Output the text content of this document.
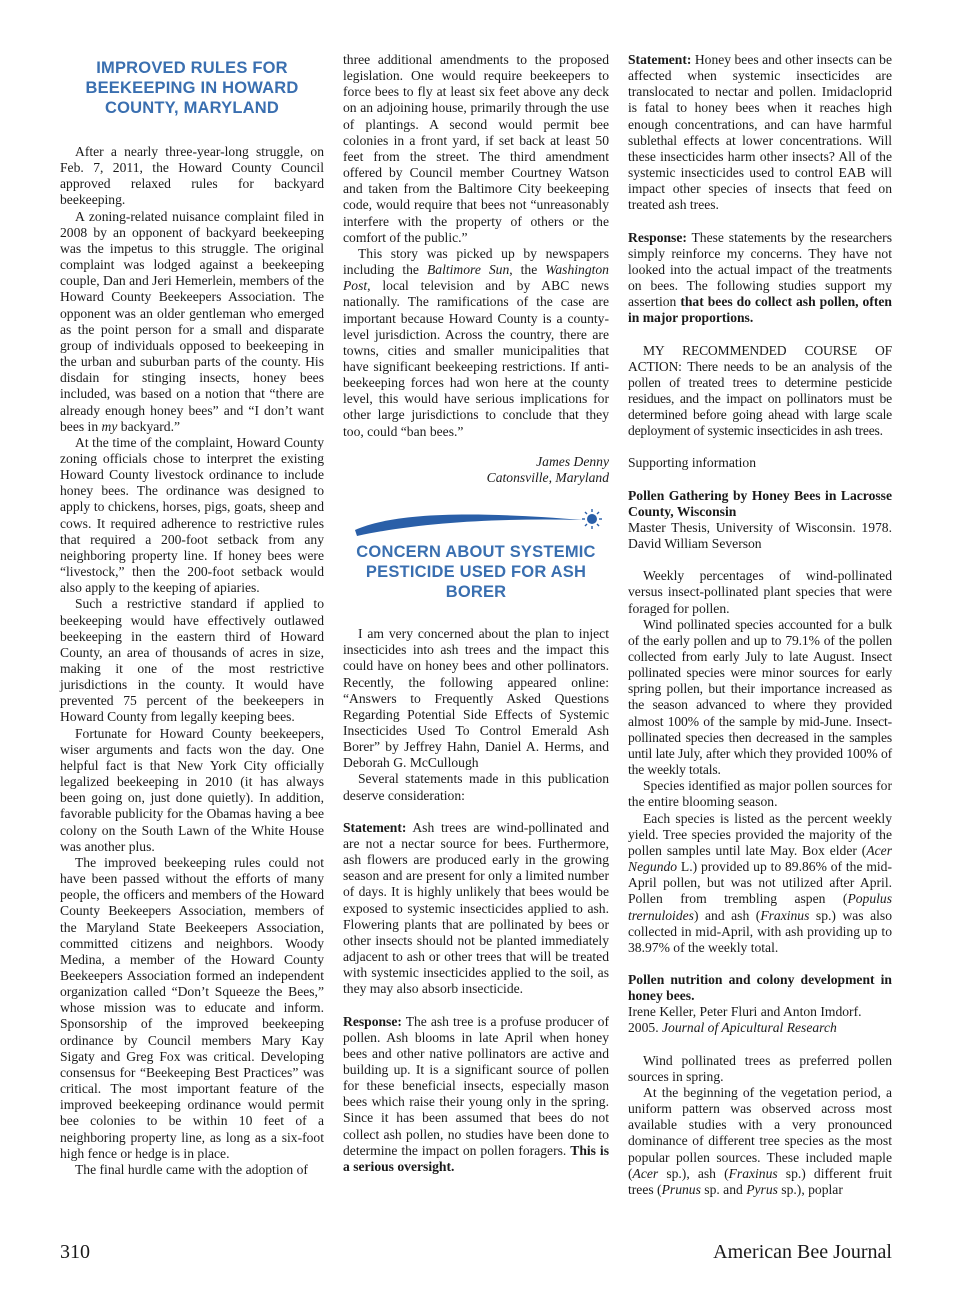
IMPROVED RULES FOR BEEKEEPING IN HOWARD COUNTY, MARYLAND

After a nearly three-year-long struggle, on Feb. 7, 2011, the Howard County Council approved relaxed rules for backyard beekeeping.

A zoning-related nuisance complaint filed in 2008 by an opponent of backyard beekeeping was the impetus to this struggle. The original complaint was lodged against a beekeeping couple, Dan and Jeri Hemerlein, members of the Howard County Beekeepers Association. The opponent was an older gentleman who emerged as the point person for a small and disparate group of individuals opposed to beekeeping in the urban and suburban parts of the county. His disdain for stinging insects, honey bees included, was based on a notion that “there are already enough honey bees” and “I don’t want bees in my backyard.”

At the time of the complaint, Howard County zoning officials chose to interpret the existing Howard County livestock ordinance to include honey bees. The ordinance was designed to apply to chickens, horses, pigs, goats, sheep and cows. It required adherence to restrictive rules that required a 200-foot setback from any neighboring property line. If honey bees were “livestock,” then the 200-foot setback would also apply to the keeping of apiaries.

Such a restrictive standard if applied to beekeeping would have effectively outlawed beekeeping in the eastern third of Howard County, an area of thousands of acres in size, making it one of the most restrictive jurisdictions in the county. It would have prevented 75 percent of the beekeepers in Howard County from legally keeping bees.

Fortunate for Howard County beekeepers, wiser arguments and facts won the day. One helpful fact is that New York City officially legalized beekeeping in 2010 (it has always been going on, just done quietly). In addition, favorable publicity for the Obamas having a bee colony on the South Lawn of the White House was another plus.

The improved beekeeping rules could not have been passed without the efforts of many people, the officers and members of the Howard County Beekeepers Association, members of the Maryland State Beekeepers Association, committed citizens and neighbors. Woody Medina, a member of the Howard County Beekeepers Association formed an independent organization called “Don’t Squeeze the Bees,” whose mission was to educate and inform. Sponsorship of the improved beekeeping ordinance by Council members Mary Kay Sigaty and Greg Fox was critical. Developing consensus for “Beekeeping Best Practices” was critical. The most important feature of the improved beekeeping ordinance would permit bee colonies to be within 10 feet of a neighboring property line, as long as a six-foot high fence or hedge is in place.

The final hurdle came with the adoption of

three additional amendments to the proposed legislation. One would require beekeepers to force bees to fly at least six feet above any deck on an adjoining house, primarily through the use of plantings. A second would permit bee colonies in a front yard, if set back at least 50 feet from the street. The third amendment offered by Council member Courtney Watson and taken from the Baltimore City beekeeping code, would require that bees not “unreasonably interfere with the property of others or the comfort of the public.”

This story was picked up by newspapers including the Baltimore Sun, the Washington Post, local television and by ABC news nationally. The ramifications of the case are important because Howard County is a county-level jurisdiction. Across the country, there are towns, cities and smaller municipalities that have significant beekeeping restrictions. If anti-beekeeping forces had won here at the county level, this would have serious implications for other large jurisdictions to conclude that they too, could “ban bees.”

James Denny
Catonsville, Maryland
CONCERN ABOUT SYSTEMIC PESTICIDE USED FOR ASH BORER

I am very concerned about the plan to inject insecticides into ash trees and the impact this could have on honey bees and other pollinators. Recently, the following appeared online: “Answers to Frequently Asked Questions Regarding Potential Side Effects of Systemic Insecticides Used To Control Emerald Ash Borer” by Jeffrey Hahn, Daniel A. Herms, and Deborah G. McCullough

Several statements made in this publication deserve consideration:

Statement: Ash trees are wind-pollinated and are not a nectar source for bees. Furthermore, ash flowers are produced early in the growing season and are present for only a limited number of days. It is highly unlikely that bees would be exposed to systemic insecticides applied to ash. Flowering plants that are pollinated by bees or other insects should not be planted immediately adjacent to ash or other trees that will be treated with systemic insecticides applied to the soil, as they may also absorb insecticide.

Response: The ash tree is a profuse producer of pollen. Ash blooms in late April when honey bees and other native pollinators are active and building up. It is a significant source of pollen for these beneficial insects, especially mason bees which raise their young only in the spring. Since it has been assumed that bees do not collect ash pollen, no studies have been done to determine the impact on pollen foragers. This is a serious oversight.

Statement: Honey bees and other insects can be affected when systemic insecticides are translocated to nectar and pollen. Imidacloprid is fatal to honey bees when it reaches high enough concentrations, and can have harmful sublethal effects at lower concentrations. Will these insecticides harm other insects? All of the systemic insecticides used to control EAB will impact other species of insects that feed on treated ash trees.

Response: These statements by the researchers simply reinforce my concerns. They have not looked into the actual impact of the treatments on bees. The following studies support my assertion that bees do collect ash pollen, often in major proportions.

MY RECOMMENDED COURSE OF ACTION: There needs to be an analysis of the pollen of treated trees to determine pesticide residues, and the impact on pollinators must be determined before going ahead with large scale deployment of systemic insecticides in ash trees.

Supporting information

Pollen Gathering by Honey Bees in Lacrosse County, Wisconsin

Master Thesis, University of Wisconsin. 1978. David William Severson

Weekly percentages of wind-pollinated versus insect-pollinated plant species that were foraged for pollen.

Wind pollinated species accounted for a bulk of the early pollen and up to 79.1% of the pollen collected from early July to late August. Insect pollinated species were minor sources for early spring pollen, but their importance increased as the season advanced to where they provided almost 100% of the sample by mid-June. Insect-pollinated species then decreased in the samples until late July, after which they provided 100% of the weekly totals.

Species identified as major pollen sources for the entire blooming season.

Each species is listed as the percent weekly yield. Tree species provided the majority of the pollen samples until late May. Box elder (Acer Negundo L.) provided up to 89.86% of the mid-April pollen, but was not utilized after April. Pollen from trembling aspen (Populus trernuloides) and ash (Fraxinus sp.) was also collected in mid-April, with ash providing up to 38.97% of the weekly total.

Pollen nutrition and colony development in honey bees.

Irene Keller, Peter Fluri and Anton Imdorf.

2005. Journal of Apicultural Research

Wind pollinated trees as preferred pollen sources in spring.

At the beginning of the vegetation period, a uniform pattern was observed across most available studies with a very pronounced dominance of different tree species as the most popular pollen sources. These included maple (Acer sp.), ash (Fraxinus sp.) different fruit trees (Prunus sp. and Pyrus sp.), poplar

310	American Bee Journal
